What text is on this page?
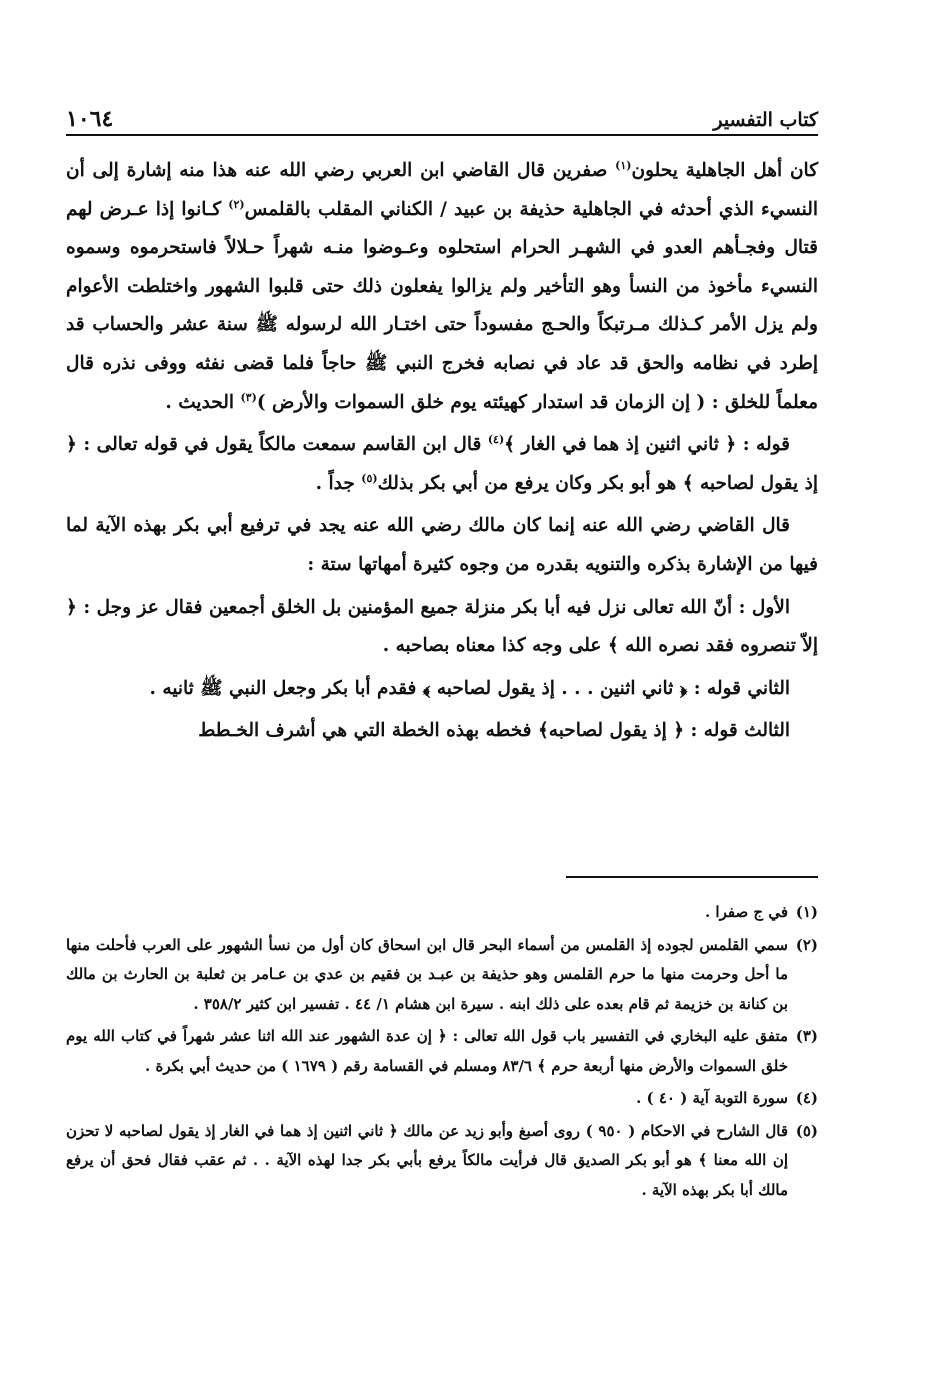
كتاب التفسير
١٠٦٤

كان أهل الجاهلية يحلون$^{(١)}$ صفرين قال القاضي ابن العربي رضي الله عنه هذا منه إشارة إلى أن النسيء الذي أحدثه في الجاهلية حذيفة بن عبيد / الكناني المقلب بالقلمس$^{(٢)}$ كـانوا إذا عـرض لهم قتال وفجـأهم العدو في الشهـر الحرام استحلوه وعـوضوا منـه شهراً حـلالاً فاستحرموه وسموه النسيء مأخوذ من النسأ وهو التأخير ولم يزالوا يفعلون ذلك حتى قلبوا الشهور واختلطت الأعوام ولم يزل الأمر كـذلك مـرتبكاً والحـج مفسوداً حتى اختـار الله لرسوله ﷺ سنة عشر والحساب قد إطرد في نظامه والحق قد عاد في نصابه فخرج النبي ﷺ حاجاً فلما قضى نفثه ووفى نذره قال معلماً للخلق : ( إن الزمان قد استدار كهيئته يوم خلق السموات والأرض )$^{(٣)}$ الحديث .

قوله : ﴿ ثاني اثنين إذ هما في الغار ﴾$^{(٤)}$ قال ابن القاسم سمعت مالكاً يقول في قوله تعالى : ﴿ إذ يقول لصاحبه ﴾ هو أبو بكر وكان يرفع من أبي بكر بذلك$^{(٥)}$ جداً .

قال القاضي رضي الله عنه إنما كان مالك رضي الله عنه يجد في ترفيع أبي بكر بهذه الآية لما فيها من الإشارة بذكره والتنويه بقدره من وجوه كثيرة أمهاتها ستة :

الأول : أنّ الله تعالى نزل فيه أبا بكر منزلة جميع المؤمنين بل الخلق أجمعين فقال عز وجل : ﴿ إلاّ تنصروه فقد نصره الله ﴾ على وجه كذا معناه بصاحبه .

الثاني قوله : ﴿ ثاني اثنين . . . إذ يقول لصاحبه ﴾ فقدم أبا بكر وجعل النبي ﷺ ثانيه .

الثالث قوله : ﴿ إذ يقول لصاحبه﴾ فخطه بهذه الخطة التي هي أشرف الخـطط

(١)
في ج صفرا .
(٢)
سمي القلمس لجوده إذ القلمس من أسماء البحر قال ابن اسحاق كان أول من نسأ الشهور على العرب فأحلت منها ما أحل وحرمت منها ما حرم القلمس وهو حذيفة بن عبـد بن فقيم بن عدي بن عـامر بن ثعلبة بن الحارث بن مالك بن كنانة بن خزيمة ثم قام بعده على ذلك ابنه . سيرة ابن هشام ١/ ٤٤ . تفسير ابن كثير ٣٥٨/٢ .
(٣)
متفق عليه البخاري في التفسير باب قول الله تعالى : ﴿ إن عدة الشهور عند الله اثنا عشر شهراً في كتاب الله يوم خلق السموات والأرض منها أربعة حرم ﴾ ٨٣/٦ ومسلم في القسامة رقم ( ١٦٧٩ ) من حديث أبي بكرة .
(٤)
سورة التوبة آية ( ٤٠ ) .
(٥)
قال الشارح في الاحكام ( ٩٥٠ ) روى أصبغ وأبو زيد عن مالك ﴿ ثاني اثنين إذ هما في الغار إذ يقول لصاحبه لا تحزن إن الله معنا ﴾ هو أبو بكر الصديق قال فرأيت مالكاً يرفع بأبي بكر جدا لهذه الآية . . ثم عقب فقال فحق أن يرفع مالك أبا بكر بهذه الآية .
